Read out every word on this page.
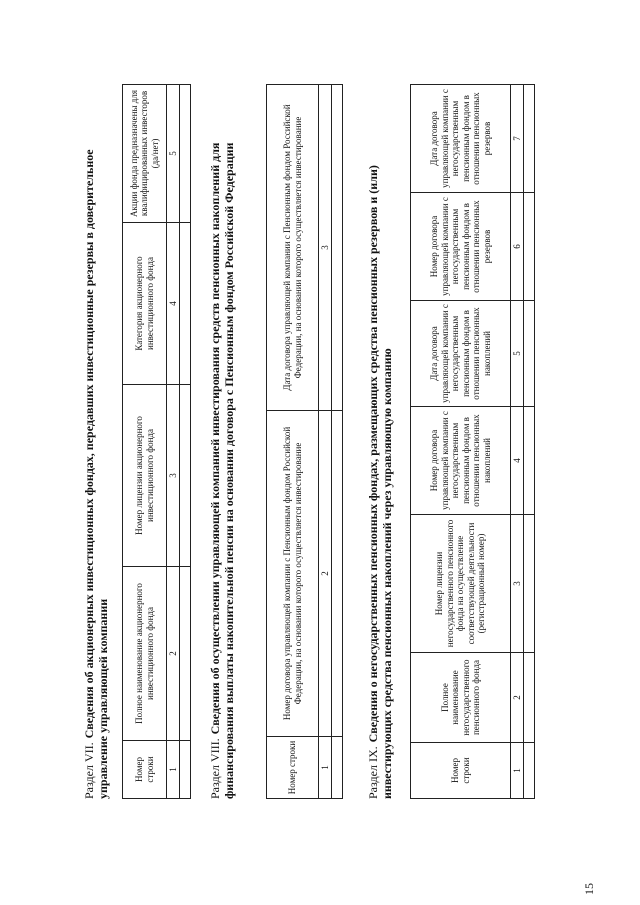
Раздел VII. Сведения об акционерных инвестиционных фондах, передавших инвестиционные резервы в доверительное управление управляющей компании	Номер строки	Полное наименование акционерного инвестиционного фонда	Номер лицензии акционерного инвестиционного фонда	Категория акционерного инвестиционного фонда	Акции фонда предназначены для квалифицированных инвесторов (да/нет)
1	2	3	4	5

Раздел VIII. Сведения об осуществлении управляющей компанией инвестирования средств пенсионных накоплений для финансирования выплаты накопительной пенсии на основании договора с Пенсионным фондом Российской Федерации	Номер строки	Номер договора управляющей компании с Пенсионным фондом Российской Федерации, на основании которого осуществляется инвестирование	Дата договора управляющей компании с Пенсионным фондом Российской Федерации, на основании которого осуществляется инвестирование
1	2	3

Раздел IX. Сведения о негосударственных пенсионных фондах, размещающих средства пенсионных резервов и (или) инвестирующих средства пенсионных накоплений через управляющую компанию	Номер строки	Полное наименование негосударственного пенсионного фонда	Номер лицензии негосударственного пенсионного фонда на осуществление соответствующей деятельности (регистрационный номер)	Номер договора управляющей компании с негосударственным пенсионным фондом в отношении пенсионных накоплений	Дата договора управляющей компании с негосударственным пенсионным фондом в отношении пенсионных накоплений	Номер договора управляющей компании с негосударственным пенсионным фондом в отношении пенсионных резервов	Дата договора управляющей компании с негосударственным пенсионным фондом в отношении пенсионных резервов
1	2	3	4	5	6	7

15
